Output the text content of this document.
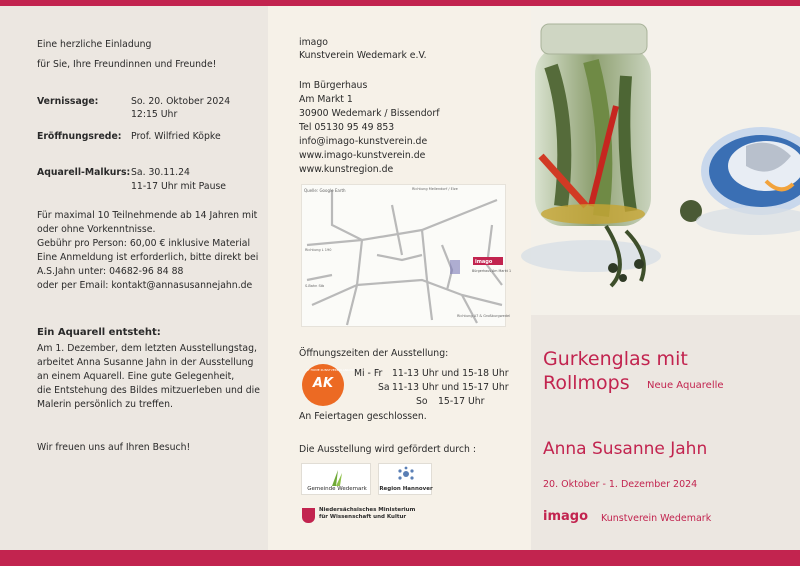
Eine herzliche Einladung
für Sie, Ihre Freundinnen und Freunde!
Vernissage:	So. 20. Oktober 2024
12:15 Uhr
Eröffnungsrede: Prof. Wilfried Köpke
Aquarell-Malkurs: Sa. 30.11.24
11-17 Uhr mit Pause
Für maximal 10 Teilnehmende ab 14 Jahren mit
oder ohne Vorkenntnisse.
Gebühr pro Person: 60,00 € inklusive Material
Eine Anmeldung ist erforderlich, bitte direkt bei
A.S.Jahn unter: 04682-96 84 88
oder per Email: kontakt@annasusannejahn.de
Ein Aquarell entsteht:
Am 1. Dezember, dem letzten Ausstellungstag,
arbeitet Anna Susanne Jahn in der Ausstellung
an einem Aquarell. Eine gute Gelegenheit,
die Entstehung des Bildes mitzuerleben und die
Malerin persönlich zu treffen.
Wir freuen uns auf Ihren Besuch!
imago
Kunstverein Wedemark e.V.
Im Bürgerhaus
Am Markt 1
30900 Wedemark / Bissendorf
Tel 05130 95 49 853
info@imago-kunstverein.de
www.imago-kunstverein.de
www.kunstregion.de
Quelle: Google Earth	Richtung Mellendorf / Elze
Richtung L 190
S-Bahn Stb
Richtung A7 & Großburgwedel
imago
Bürgerhaus Am Markt 1
Öffnungszeiten der Ausstellung:
AK
AT HOME KUNSTVEREIN ANKUNFT
Mi - Fr 11-13 Uhr und 15-18 Uhr
Sa 11-13 Uhr und 15-17 Uhr
So 15-17 Uhr
An Feiertagen geschlossen.
Die Ausstellung wird gefördert durch :
Gemeinde Wedemark	Region Hannover
Niedersächsisches Ministerium
für Wissenschaft und Kultur
Gurkenglas mit
Rollmops Neue Aquarelle
Anna Susanne Jahn
20. Oktober - 1. Dezember 2024
imago Kunstverein Wedemark
